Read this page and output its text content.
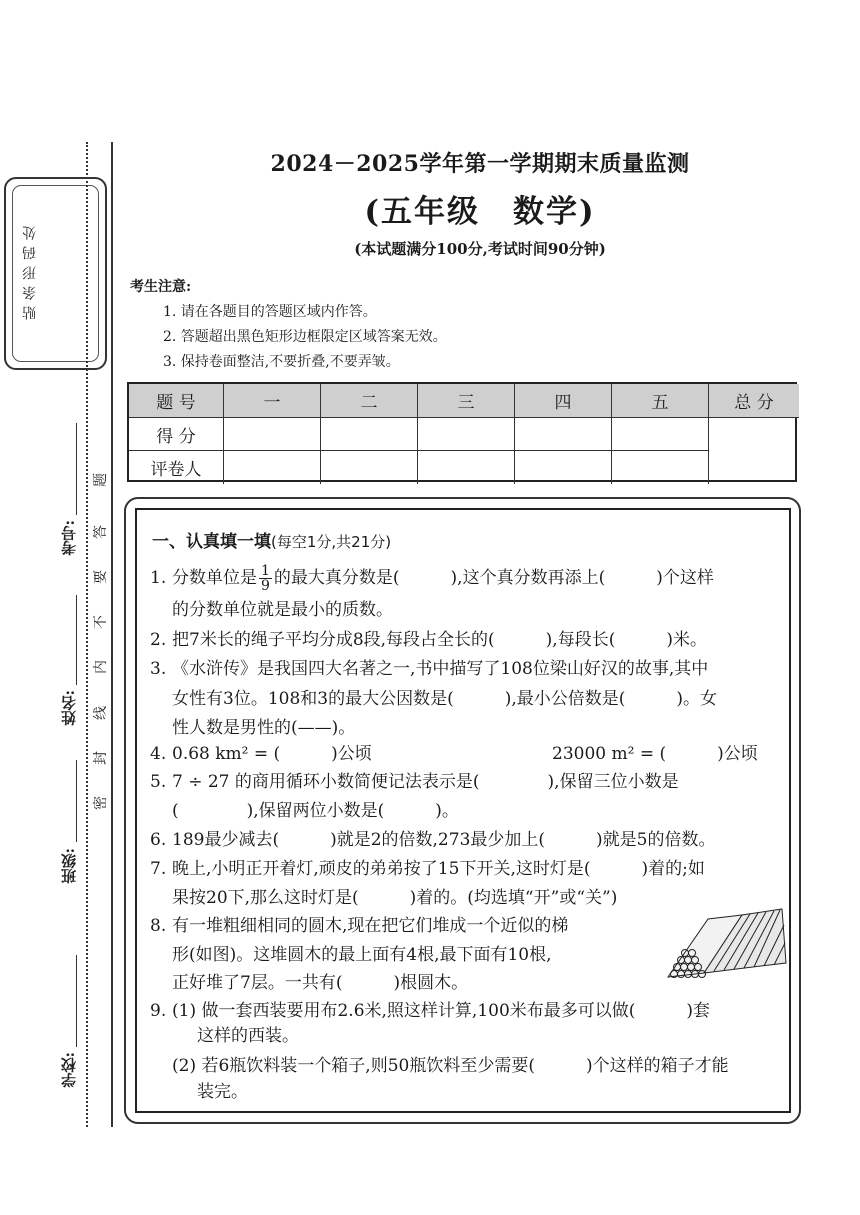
贴条形码处
学校:
班级:
姓名:
考号:
题
答
要
不
内
线
封
密
2024－2025学年第一学期期末质量监测
(五年级　数学)
(本试题满分100分,考试时间90分钟)
考生注意:
1. 请在各题目的答题区域内作答。
2. 答题超出黑色矩形边框限定区域答案无效。
3. 保持卷面整洁,不要折叠,不要弄皱。
题 号	一	二	三	四	五	总 分
得 分
评卷人
一、认真填一填(每空1分,共21分)
1. 分数单位是 $\frac{1}{9}$ 的最大真分数是(　　　),这个真分数再添上(　　　)个这样
的分数单位就是最小的质数。
2. 把7米长的绳子平均分成8段,每段占全长的(　　　),每段长(　　　)米。
3. 《水浒传》是我国四大名著之一,书中描写了108位梁山好汉的故事,其中
女性有3位。108和3的最大公因数是(　　　),最小公倍数是(　　　)。女
性人数是男性的(——)。
4. 0.68 km² = (　　　)公顷	23000 m² = (　　　)公顷
5. 7 ÷ 27 的商用循环小数简便记法表示是(　　　　),保留三位小数是
(　　　　),保留两位小数是(　　　)。
6. 189最少减去(　　　)就是2的倍数,273最少加上(　　　)就是5的倍数。
7. 晚上,小明正开着灯,顽皮的弟弟按了15下开关,这时灯是(　　　)着的;如
果按20下,那么这时灯是(　　　)着的。(均选填“开”或“关”)
8. 有一堆粗细相同的圆木,现在把它们堆成一个近似的梯
形(如图)。这堆圆木的最上面有4根,最下面有10根,
正好堆了7层。一共有(　　　)根圆木。
9. (1) 做一套西装要用布2.6米,照这样计算,100米布最多可以做(　　　)套
这样的西装。
(2) 若6瓶饮料装一个箱子,则50瓶饮料至少需要(　　　)个这样的箱子才能
装完。
